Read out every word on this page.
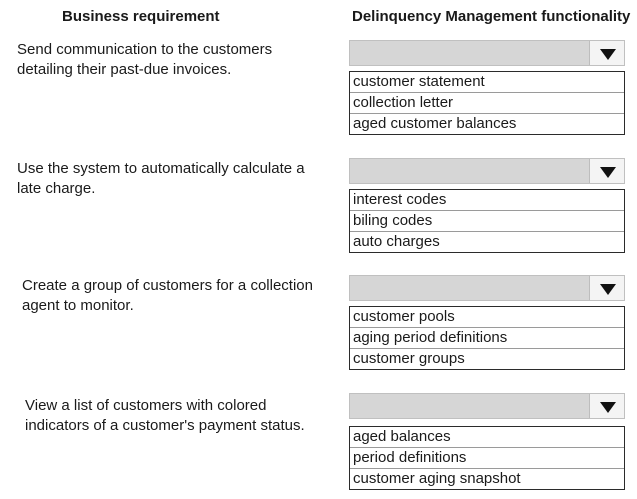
Business requirement	Delinquency Management functionality
Send communication to the customers
detailing their past-due invoices.
customer statement
collection letter
aged customer balances
Use the system to automatically calculate a
late charge.
interest codes
biling codes
auto charges
Create a group of customers for a collection
agent to monitor.
customer pools
aging period definitions
customer groups
View a list of customers with colored
indicators of a customer's payment status.
aged balances
period definitions
customer aging snapshot
